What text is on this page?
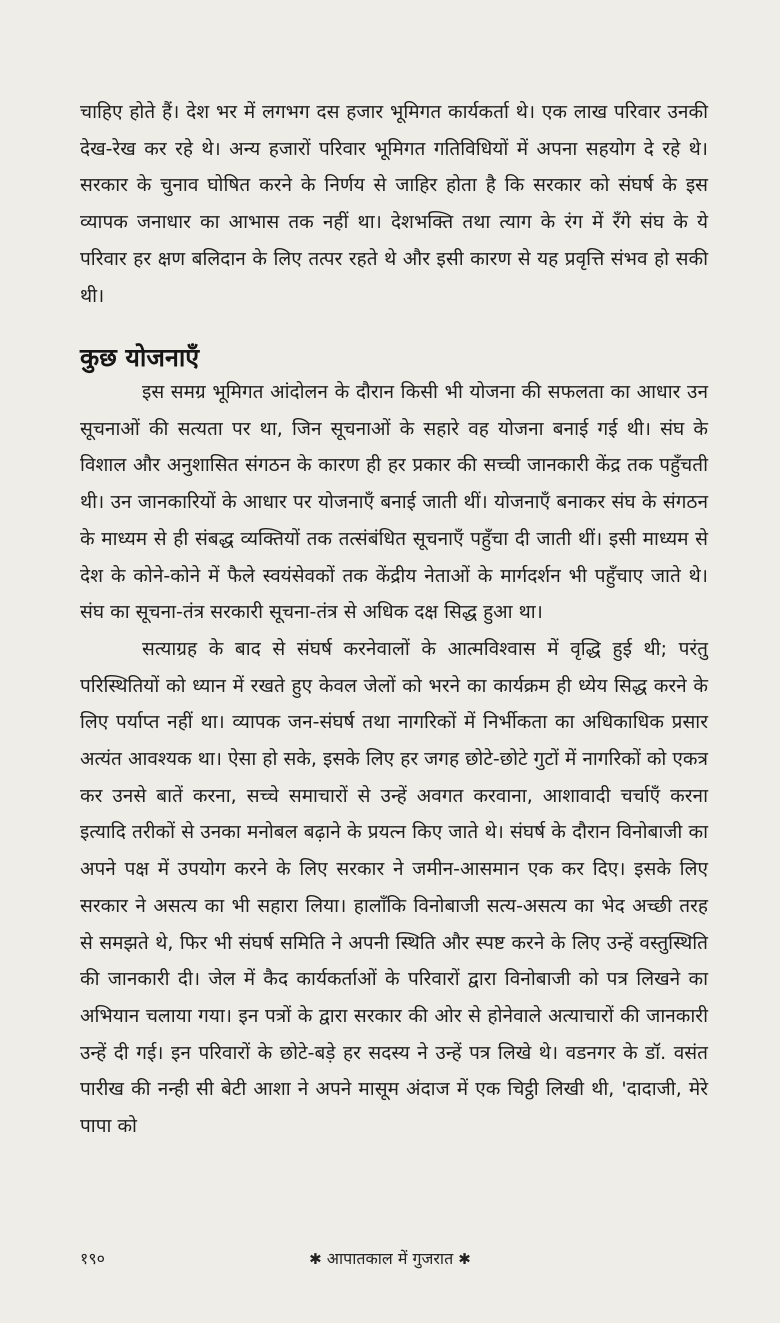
चाहिए होते हैं। देश भर में लगभग दस हजार भूमिगत कार्यकर्ता थे। एक लाख परिवार उनकी देख-रेख कर रहे थे। अन्य हजारों परिवार भूमिगत गतिविधियों में अपना सहयोग दे रहे थे। सरकार के चुनाव घोषित करने के निर्णय से जाहिर होता है कि सरकार को संघर्ष के इस व्यापक जनाधार का आभास तक नहीं था। देशभक्ति तथा त्याग के रंग में रँगे संघ के ये परिवार हर क्षण बलिदान के लिए तत्पर रहते थे और इसी कारण से यह प्रवृत्ति संभव हो सकी थी।

कुछ योजनाएँ

इस समग्र भूमिगत आंदोलन के दौरान किसी भी योजना की सफलता का आधार उन सूचनाओं की सत्यता पर था, जिन सूचनाओं के सहारे वह योजना बनाई गई थी। संघ के विशाल और अनुशासित संगठन के कारण ही हर प्रकार की सच्ची जानकारी केंद्र तक पहुँचती थी। उन जानकारियों के आधार पर योजनाएँ बनाई जाती थीं। योजनाएँ बनाकर संघ के संगठन के माध्यम से ही संबद्ध व्यक्तियों तक तत्संबंधित सूचनाएँ पहुँचा दी जाती थीं। इसी माध्यम से देश के कोने-कोने में फैले स्वयंसेवकों तक केंद्रीय नेताओं के मार्गदर्शन भी पहुँचाए जाते थे। संघ का सूचना-तंत्र सरकारी सूचना-तंत्र से अधिक दक्ष सिद्ध हुआ था।

सत्याग्रह के बाद से संघर्ष करनेवालों के आत्मविश्वास में वृद्धि हुई थी; परंतु परिस्थितियों को ध्यान में रखते हुए केवल जेलों को भरने का कार्यक्रम ही ध्येय सिद्ध करने के लिए पर्याप्त नहीं था। व्यापक जन-संघर्ष तथा नागरिकों में निर्भीकता का अधिकाधिक प्रसार अत्यंत आवश्यक था। ऐसा हो सके, इसके लिए हर जगह छोटे-छोटे गुटों में नागरिकों को एकत्र कर उनसे बातें करना, सच्चे समाचारों से उन्हें अवगत करवाना, आशावादी चर्चाएँ करना इत्यादि तरीकों से उनका मनोबल बढ़ाने के प्रयत्न किए जाते थे। संघर्ष के दौरान विनोबाजी का अपने पक्ष में उपयोग करने के लिए सरकार ने जमीन-आसमान एक कर दिए। इसके लिए सरकार ने असत्य का भी सहारा लिया। हालाँकि विनोबाजी सत्य-असत्य का भेद अच्छी तरह से समझते थे, फिर भी संघर्ष समिति ने अपनी स्थिति और स्पष्ट करने के लिए उन्हें वस्तुस्थिति की जानकारी दी। जेल में कैद कार्यकर्ताओं के परिवारों द्वारा विनोबाजी को पत्र लिखने का अभियान चलाया गया। इन पत्रों के द्वारा सरकार की ओर से होनेवाले अत्याचारों की जानकारी उन्हें दी गई। इन परिवारों के छोटे-बड़े हर सदस्य ने उन्हें पत्र लिखे थे। वडनगर के डॉ. वसंत पारीख की नन्ही सी बेटी आशा ने अपने मासूम अंदाज में एक चिट्ठी लिखी थी, 'दादाजी, मेरे पापा को

१९०	✱ आपातकाल में गुजरात ✱
